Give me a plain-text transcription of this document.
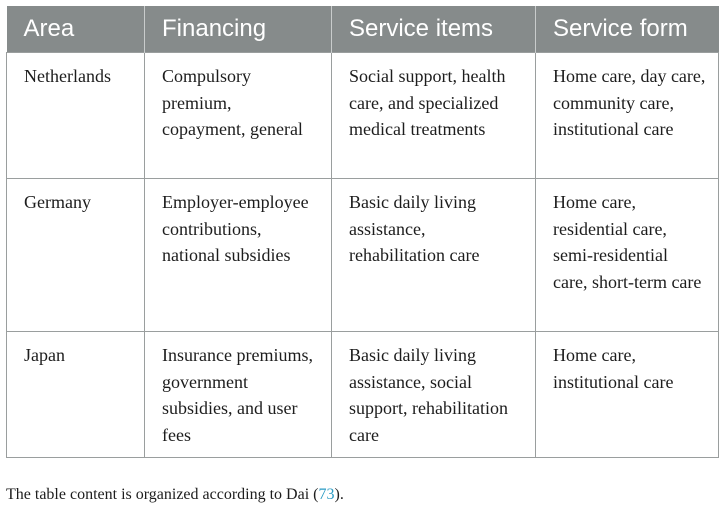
Area	Financing	Service items	Service form
Netherlands	Compulsory premium, copayment, general	Social support, health care, and specialized medical treatments	Home care, day care, community care, institutional care
Germany	Employer-employee contributions, national subsidies	Basic daily living assistance, rehabilitation care	Home care, residential care, semi-residential care, short-term care
Japan	Insurance premiums, government subsidies, and user fees	Basic daily living assistance, social support, rehabilitation care	Home care, institutional care
The table content is organized according to Dai (73).
